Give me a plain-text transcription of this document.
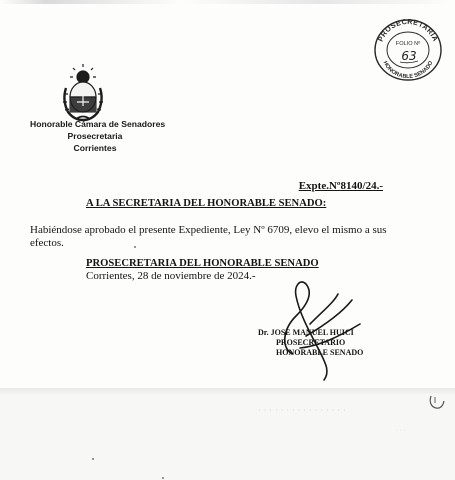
Honorable Cámara de Senadores
Prosecretaria
Corrientes
PROSECRETARIA
HONORABLE SENADO
FOLIO Nº
63
Expte.Nº8140/24.-
A LA SECRETARIA DEL HONORABLE SENADO:
Habiéndose aprobado el presente Expediente, Ley Nº 6709, elevo el mismo a sus efectos.
PROSECRETARIA DEL HONORABLE SENADO
Corrientes, 28 de noviembre de 2024.-
Dr. JOSE MANUEL HUICI
PROSECRETARIO
HONORABLE SENADO
· · · · · · · · · · · · · · · ·
· · ·
